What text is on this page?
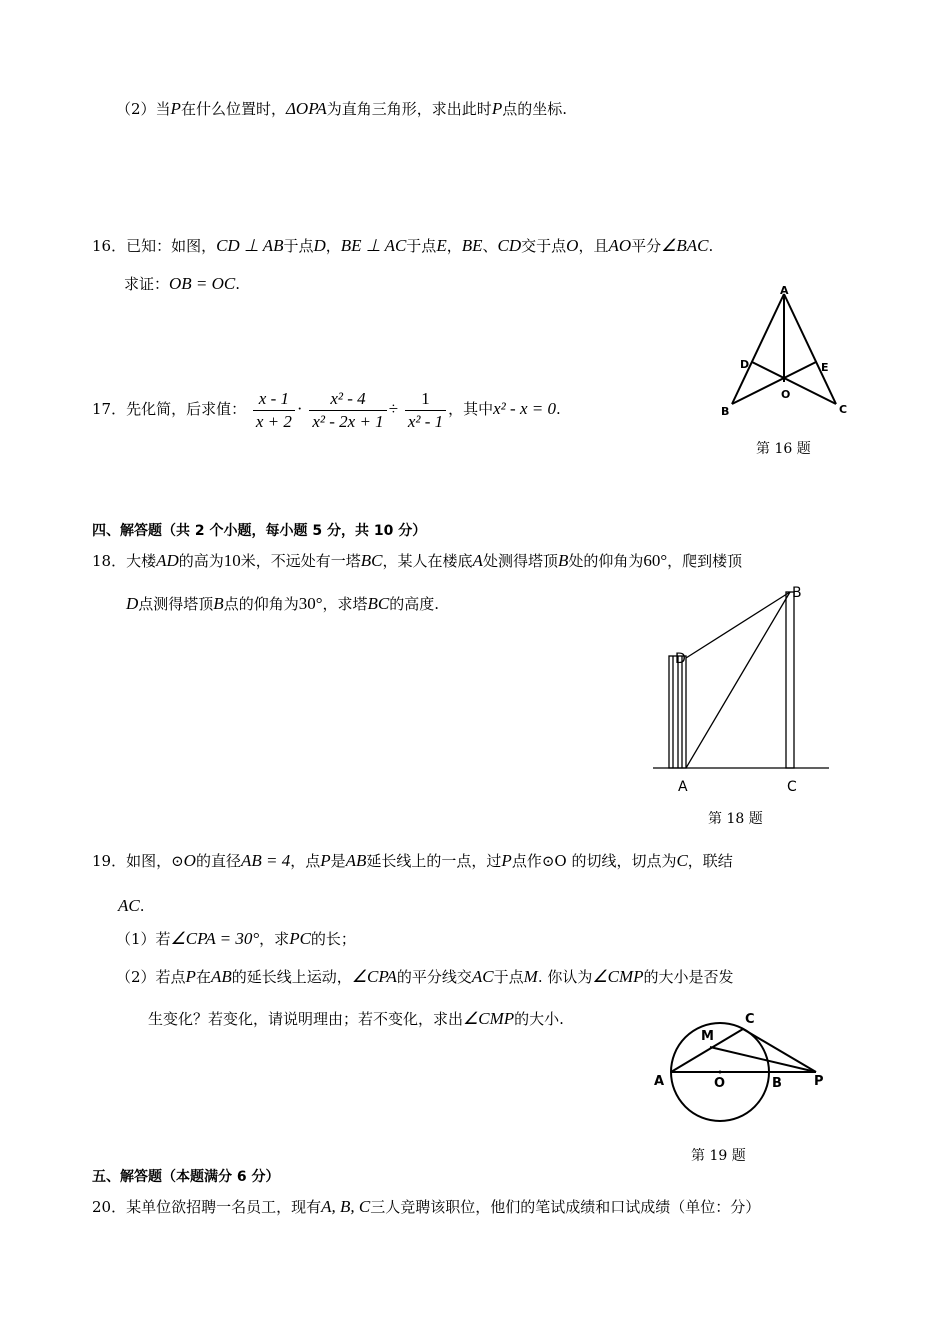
（2）当P在什么位置时，ΔOPA为直角三角形，求出此时P点的坐标.
16．已知：如图，CD ⊥ AB于点D，BE ⊥ AC于点E，BE、CD交于点O，且AO平分∠BAC.
求证：OB = OC.	A
D	E
O
B	C
第 16 题
17．先化简，后求值： $\frac{x - 1}{x + 2} \cdot \frac{\text{x² - 4}}{\text{x² - 2x + 1}} \div \frac{1}{\text{x² - 1}}$ ，其中x² - x = 0.
四、解答题（共 2 个小题，每小题 5 分，共 10 分）
18．大楼AD的高为10米，不远处有一塔BC，某人在楼底A处测得塔顶B处的仰角为60°，爬到楼顶
D点测得塔顶B点的仰角为30°，求塔BC的高度.
D
B
A	C
第 18 题
19．如图，⊙O的直径AB = 4，点P是AB延长线上的一点，过P点作⊙O 的切线，切点为C，联结
AC.
（1）若∠CPA = 30°，求PC的长；
（2）若点P在AB的延长线上运动，∠CPA的平分线交AC于点M. 你认为∠CMP的大小是否发
生变化？若变化，请说明理由；若不变化，求出∠CMP的大小.
A	O	B P
C
M
第 19 题
五、解答题（本题满分 6 分）
20．某单位欲招聘一名员工，现有A, B, C三人竞聘该职位，他们的笔试成绩和口试成绩（单位：分）
